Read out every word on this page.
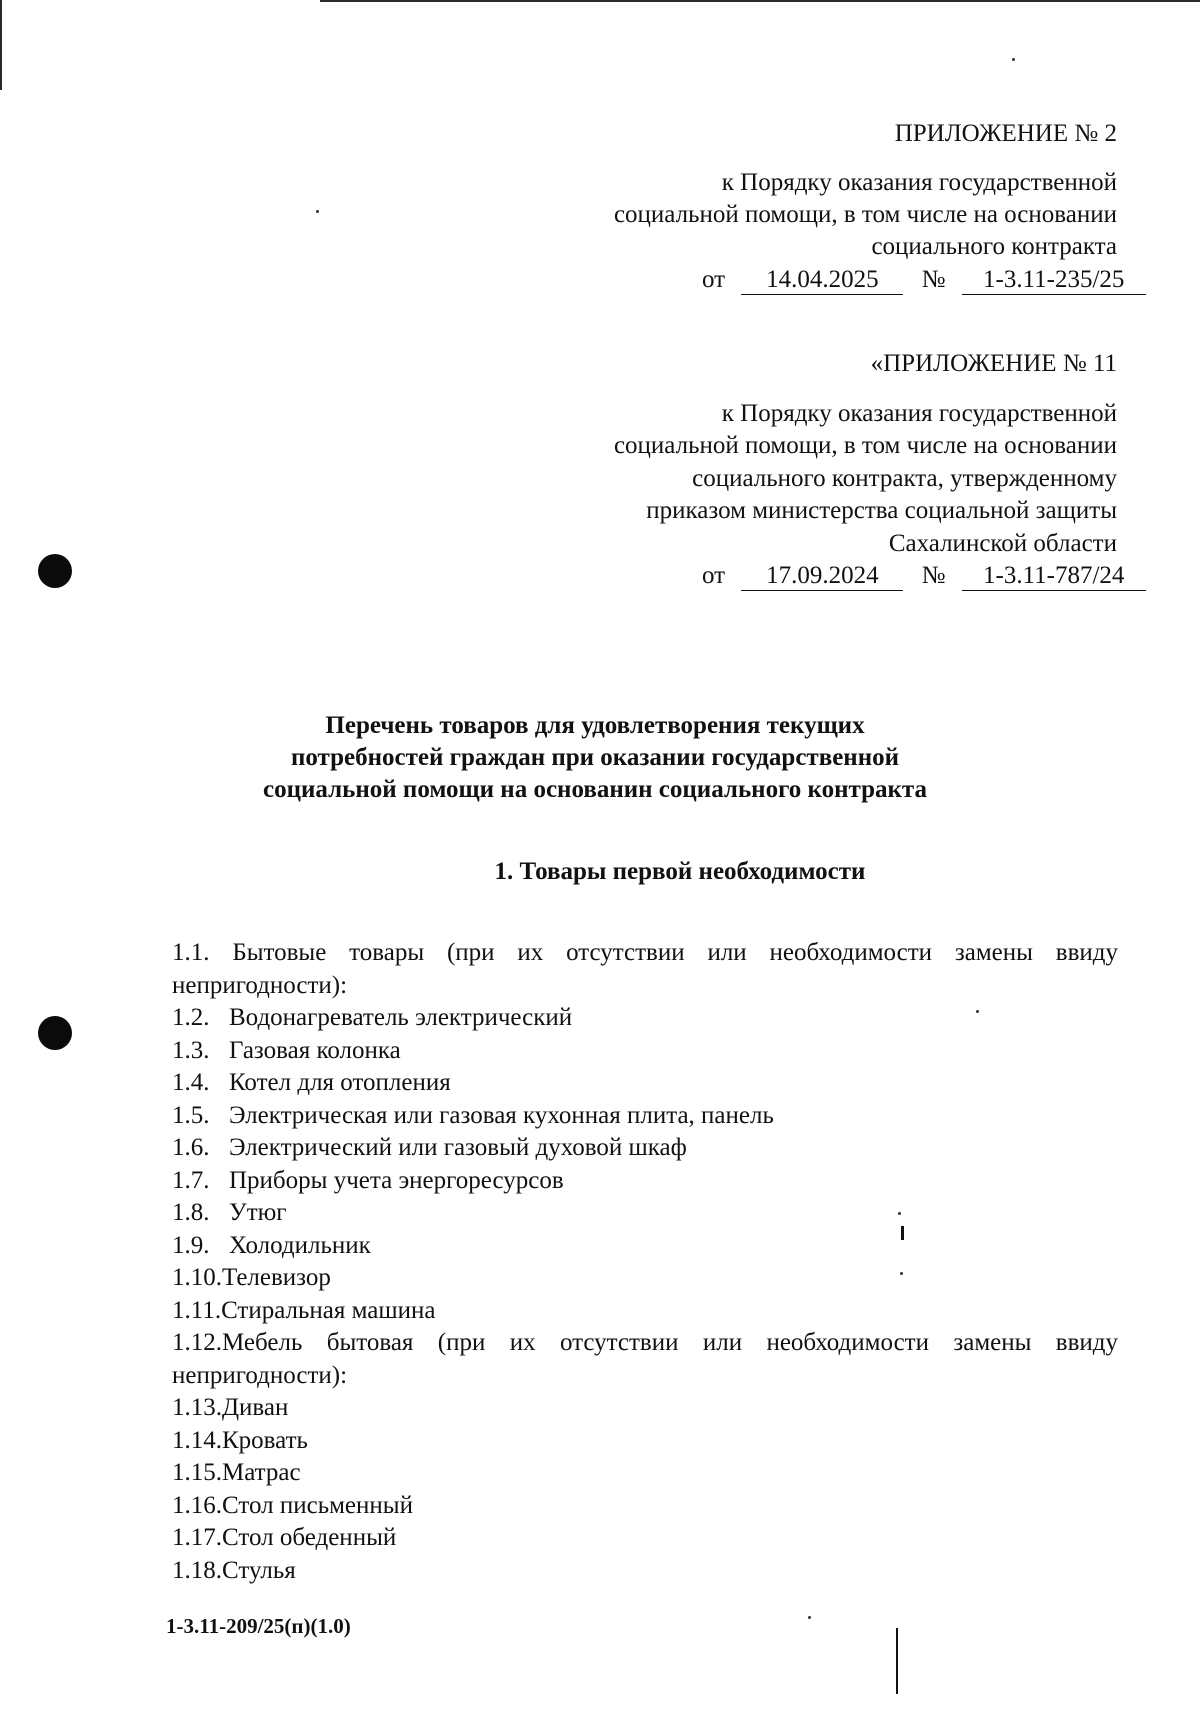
ПРИЛОЖЕНИЕ № 2
к Порядку оказания государственной
социальной помощи, в том числе на основании
социального контракта
от 14.04.2025 № 1-3.11-235/25
«ПРИЛОЖЕНИЕ № 11
к Порядку оказания государственной
социальной помощи, в том числе на основании
социального контракта, утвержденному
приказом министерства социальной защиты
Сахалинской области
от 17.09.2024 № 1-3.11-787/24
Перечень товаров для удовлетворения текущих
потребностей граждан при оказании государственной
социальной помощи на основанин социального контракта
1. Товары первой необходимости
1.1. Бытовые товары (при их отсутствии или необходимости замены ввиду
непригодности):
1.2. Водонагреватель электрический
1.3. Газовая колонка
1.4. Котел для отопления
1.5. Электрическая или газовая кухонная плита, панель
1.6. Электрический или газовый духовой шкаф
1.7. Приборы учета энергоресурсов
1.8. Утюг
1.9. Холодильник
1.10.Телевизор
1.11.Стиральная машина
1.12.Мебель бытовая (при их отсутствии или необходимости замены ввиду
непригодности):
1.13.Диван
1.14.Кровать
1.15.Матрас
1.16.Стол письменный
1.17.Стол обеденный
1.18.Стулья
1-3.11-209/25(п)(1.0)
